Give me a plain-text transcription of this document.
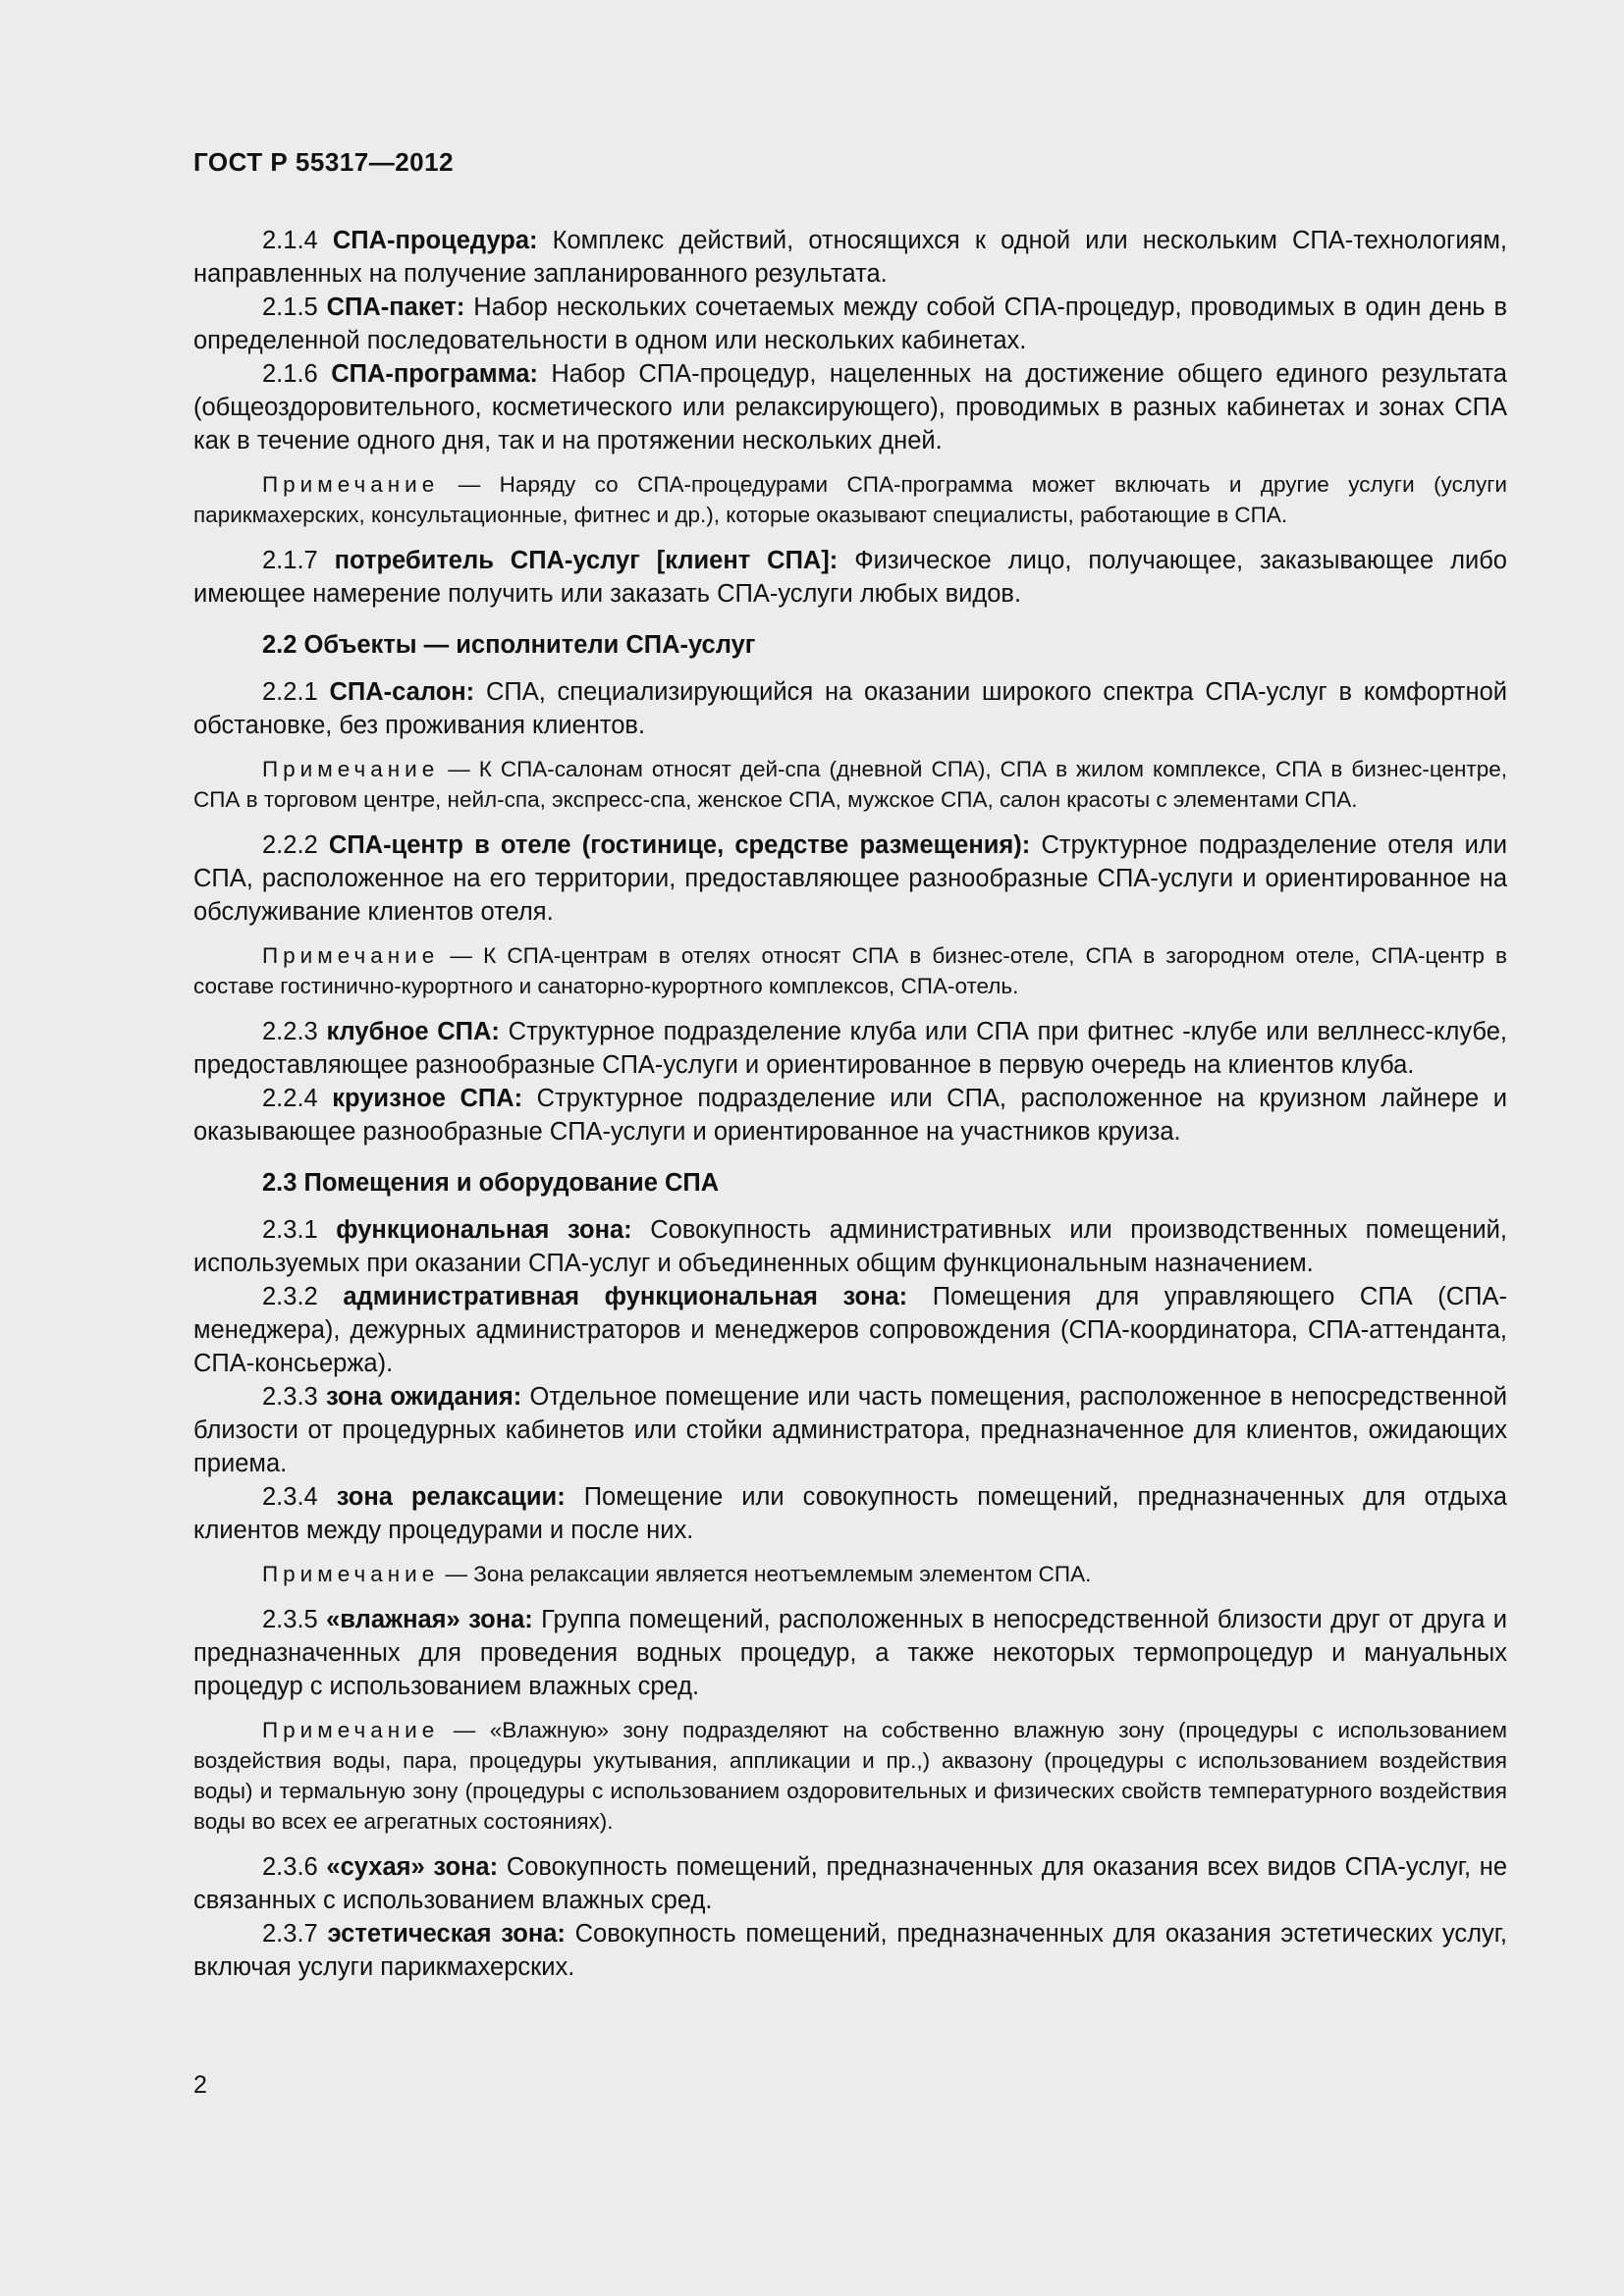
ГОСТ Р 55317—2012

2.1.4 СПА-процедура: Комплекс действий, относящихся к одной или нескольким СПА-технологиям, направленных на получение запланированного результата.

2.1.5 СПА-пакет: Набор нескольких сочетаемых между собой СПА-процедур, проводимых в один день в определенной последовательности в одном или нескольких кабинетах.

2.1.6 СПА-программа: Набор СПА-процедур, нацеленных на достижение общего единого результата (общеоздоровительного, косметического или релаксирующего), проводимых в разных кабинетах и зонах СПА как в течение одного дня, так и на протяжении нескольких дней.

Примечание — Наряду со СПА-процедурами СПА-программа может включать и другие услуги (услуги парикмахерских, консультационные, фитнес и др.), которые оказывают специалисты, работающие в СПА.

2.1.7 потребитель СПА-услуг [клиент СПА]: Физическое лицо, получающее, заказывающее либо имеющее намерение получить или заказать СПА-услуги любых видов.

2.2 Объекты — исполнители СПА-услуг

2.2.1 СПА-салон: СПА, специализирующийся на оказании широкого спектра СПА-услуг в комфортной обстановке, без проживания клиентов.

Примечание — К СПА-салонам относят дей-спа (дневной СПА), СПА в жилом комплексе, СПА в бизнес-центре, СПА в торговом центре, нейл-спа, экспресс-спа, женское СПА, мужское СПА, салон красоты с элементами СПА.

2.2.2 СПА-центр в отеле (гостинице, средстве размещения): Структурное подразделение отеля или СПА, расположенное на его территории, предоставляющее разнообразные СПА-услуги и ориентированное на обслуживание клиентов отеля.

Примечание — К СПА-центрам в отелях относят СПА в бизнес-отеле, СПА в загородном отеле, СПА-центр в составе гостинично-курортного и санаторно-курортного комплексов, СПА-отель.

2.2.3 клубное СПА: Структурное подразделение клуба или СПА при фитнес -клубе или веллнесс-клубе, предоставляющее разнообразные СПА-услуги и ориентированное в первую очередь на клиентов клуба.

2.2.4 круизное СПА: Структурное подразделение или СПА, расположенное на круизном лайнере и оказывающее разнообразные СПА-услуги и ориентированное на участников круиза.

2.3 Помещения и оборудование СПА

2.3.1 функциональная зона: Совокупность административных или производственных помещений, используемых при оказании СПА-услуг и объединенных общим функциональным назначением.

2.3.2 административная функциональная зона: Помещения для управляющего СПА (СПА-менеджера), дежурных администраторов и менеджеров сопровождения (СПА-координатора, СПА-аттенданта, СПА-консьержа).

2.3.3 зона ожидания: Отдельное помещение или часть помещения, расположенное в непосредственной близости от процедурных кабинетов или стойки администратора, предназначенное для клиентов, ожидающих приема.

2.3.4 зона релаксации: Помещение или совокупность помещений, предназначенных для отдыха клиентов между процедурами и после них.

Примечание — Зона релаксации является неотъемлемым элементом СПА.

2.3.5 «влажная» зона: Группа помещений, расположенных в непосредственной близости друг от друга и предназначенных для проведения водных процедур, а также некоторых термопроцедур и мануальных процедур с использованием влажных сред.

Примечание — «Влажную» зону подразделяют на собственно влажную зону (процедуры с использованием воздействия воды, пара, процедуры укутывания, аппликации и пр.,) аквазону (процедуры с использованием воздействия воды) и термальную зону (процедуры с использованием оздоровительных и физических свойств температурного воздействия воды во всех ее агрегатных состояниях).

2.3.6 «сухая» зона: Совокупность помещений, предназначенных для оказания всех видов СПА-услуг, не связанных с использованием влажных сред.

2.3.7 эстетическая зона: Совокупность помещений, предназначенных для оказания эстетических услуг, включая услуги парикмахерских.

2
